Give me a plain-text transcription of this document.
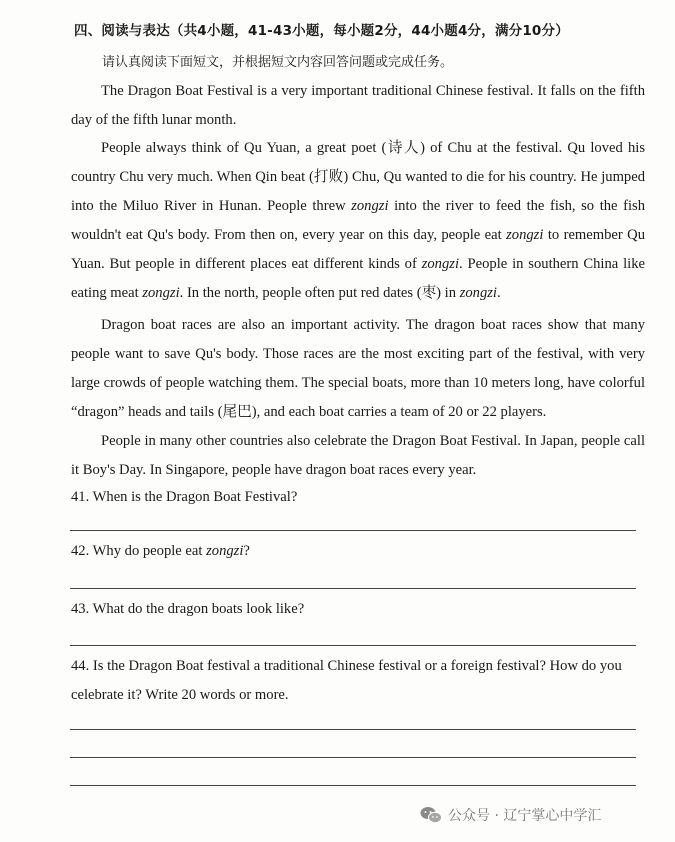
四、阅读与表达（共4小题，41-43小题，每小题2分，44小题4分，满分10分）
请认真阅读下面短文，并根据短文内容回答问题或完成任务。

The Dragon Boat Festival is a very important traditional Chinese festival. It falls on the fifth day of the fifth lunar month.

People always think of Qu Yuan, a great poet (诗人) of Chu at the festival. Qu loved his country Chu very much. When Qin beat (打败) Chu, Qu wanted to die for his country. He jumped into the Miluo River in Hunan. People threw zongzi into the river to feed the fish, so the fish wouldn't eat Qu's body. From then on, every year on this day, people eat zongzi to remember Qu Yuan. But people in different places eat different kinds of zongzi. People in southern China like eating meat zongzi. In the north, people often put red dates (枣) in zongzi.

Dragon boat races are also an important activity. The dragon boat races show that many people want to save Qu's body. Those races are the most exciting part of the festival, with very large crowds of people watching them. The special boats, more than 10 meters long, have colorful “dragon” heads and tails (尾巴), and each boat carries a team of 20 or 22 players.

People in many other countries also celebrate the Dragon Boat Festival. In Japan, people call it Boy's Day. In Singapore, people have dragon boat races every year.

41. When is the Dragon Boat Festival?

42. Why do people eat zongzi?

43. What do the dragon boats look like?

44. Is the Dragon Boat festival a traditional Chinese festival or a foreign festival? How do you celebrate it? Write 20 words or more.

公众号 · 辽宁掌心中学汇
